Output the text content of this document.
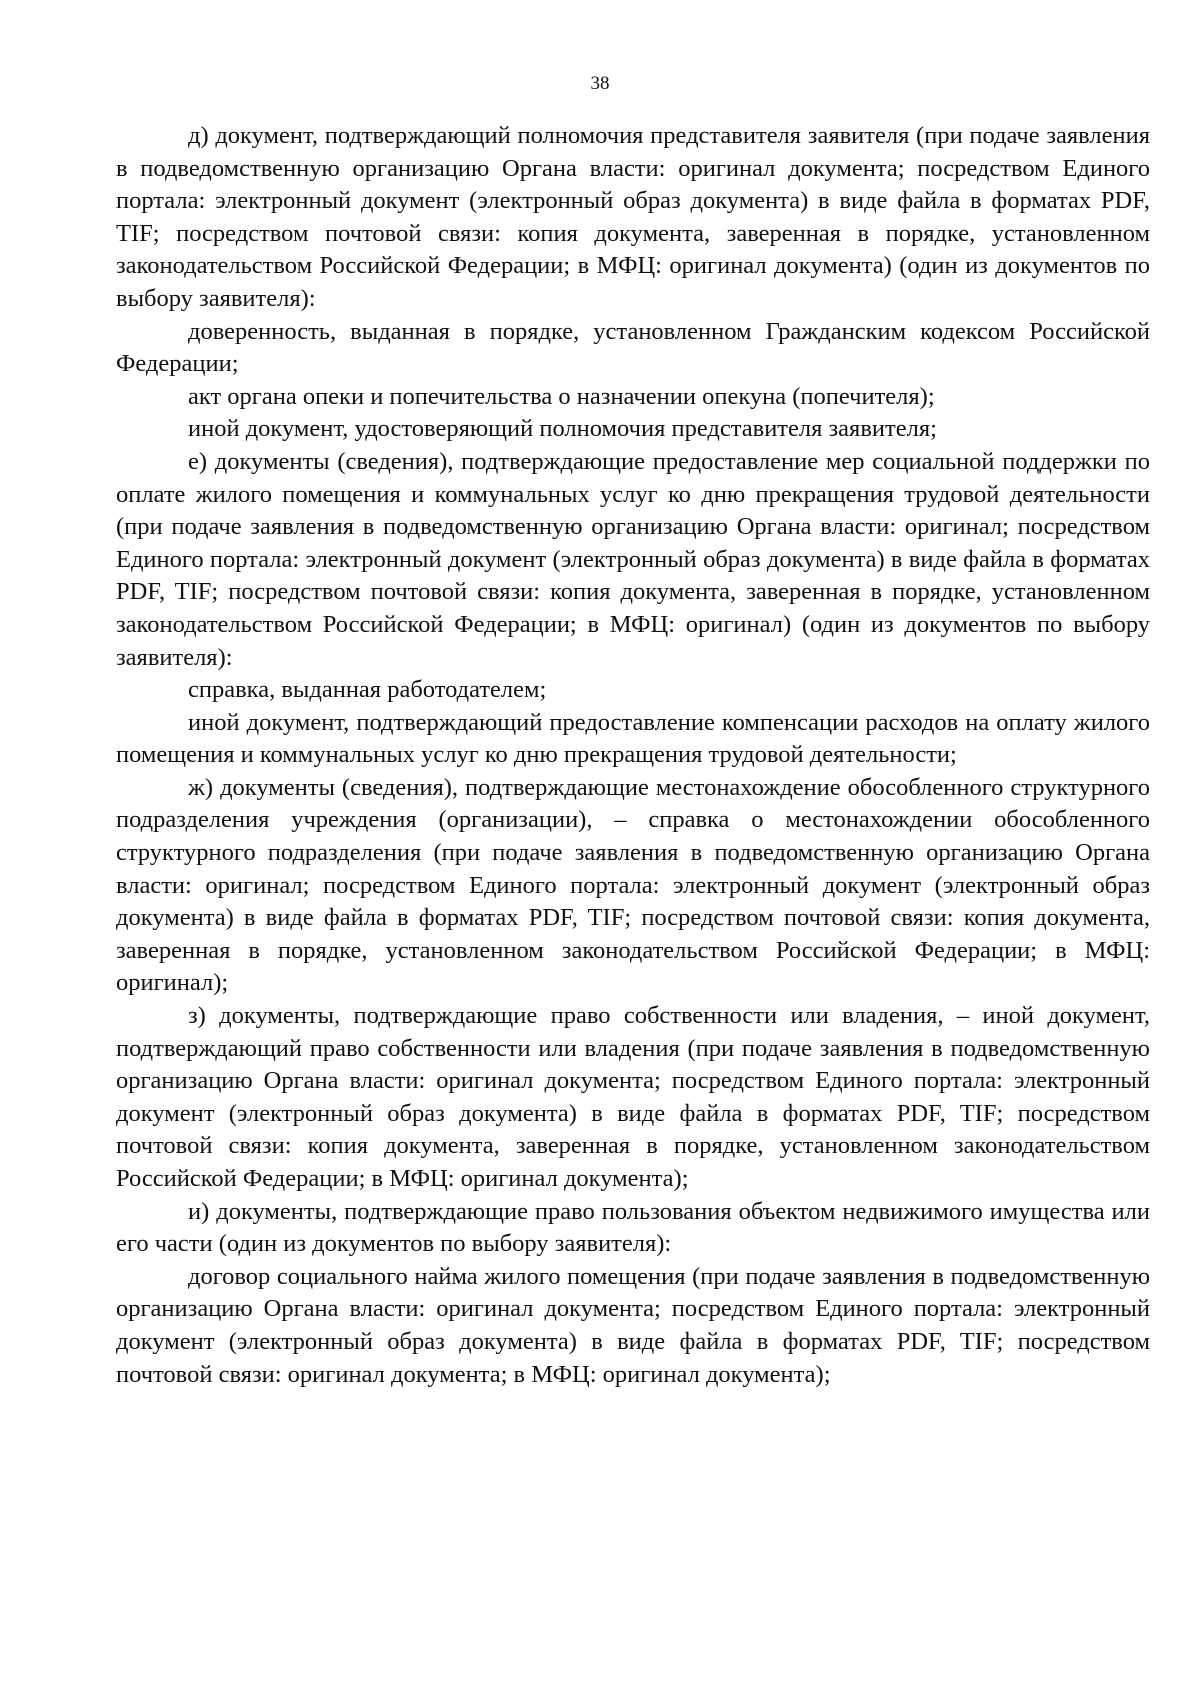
38

д) документ, подтверждающий полномочия представителя заявителя (при подаче заявления в подведомственную организацию Органа власти: оригинал документа; посредством Единого портала: электронный документ (электронный образ документа) в виде файла в форматах PDF, TIF; посредством почтовой связи: копия документа, заверенная в порядке, установленном законодательством Российской Федерации; в МФЦ: оригинал документа) (один из документов по выбору заявителя):

доверенность, выданная в порядке, установленном Гражданским кодексом Российской Федерации;

акт органа опеки и попечительства о назначении опекуна (попечителя);

иной документ, удостоверяющий полномочия представителя заявителя;

е) документы (сведения), подтверждающие предоставление мер социальной поддержки по оплате жилого помещения и коммунальных услуг ко дню прекращения трудовой деятельности (при подаче заявления в подведомственную организацию Органа власти: оригинал; посредством Единого портала: электронный документ (электронный образ документа) в виде файла в форматах PDF, TIF; посредством почтовой связи: копия документа, заверенная в порядке, установленном законодательством Российской Федерации; в МФЦ: оригинал) (один из документов по выбору заявителя):

справка, выданная работодателем;

иной документ, подтверждающий предоставление компенсации расходов на оплату жилого помещения и коммунальных услуг ко дню прекращения трудовой деятельности;

ж) документы (сведения), подтверждающие местонахождение обособленного структурного подразделения учреждения (организации), – справка о местонахождении обособленного структурного подразделения (при подаче заявления в подведомственную организацию Органа власти: оригинал; посредством Единого портала: электронный документ (электронный образ документа) в виде файла в форматах PDF, TIF; посредством почтовой связи: копия документа, заверенная в порядке, установленном законодательством Российской Федерации; в МФЦ: оригинал);

з) документы, подтверждающие право собственности или владения, – иной документ, подтверждающий право собственности или владения (при подаче заявления в подведомственную организацию Органа власти: оригинал документа; посредством Единого портала: электронный документ (электронный образ документа) в виде файла в форматах PDF, TIF; посредством почтовой связи: копия документа, заверенная в порядке, установленном законодательством Российской Федерации; в МФЦ: оригинал документа);

и) документы, подтверждающие право пользования объектом недвижимого имущества или его части (один из документов по выбору заявителя):

договор социального найма жилого помещения (при подаче заявления в подведомственную организацию Органа власти: оригинал документа; посредством Единого портала: электронный документ (электронный образ документа) в виде файла в форматах PDF, TIF; посредством почтовой связи: оригинал документа; в МФЦ: оригинал документа);
